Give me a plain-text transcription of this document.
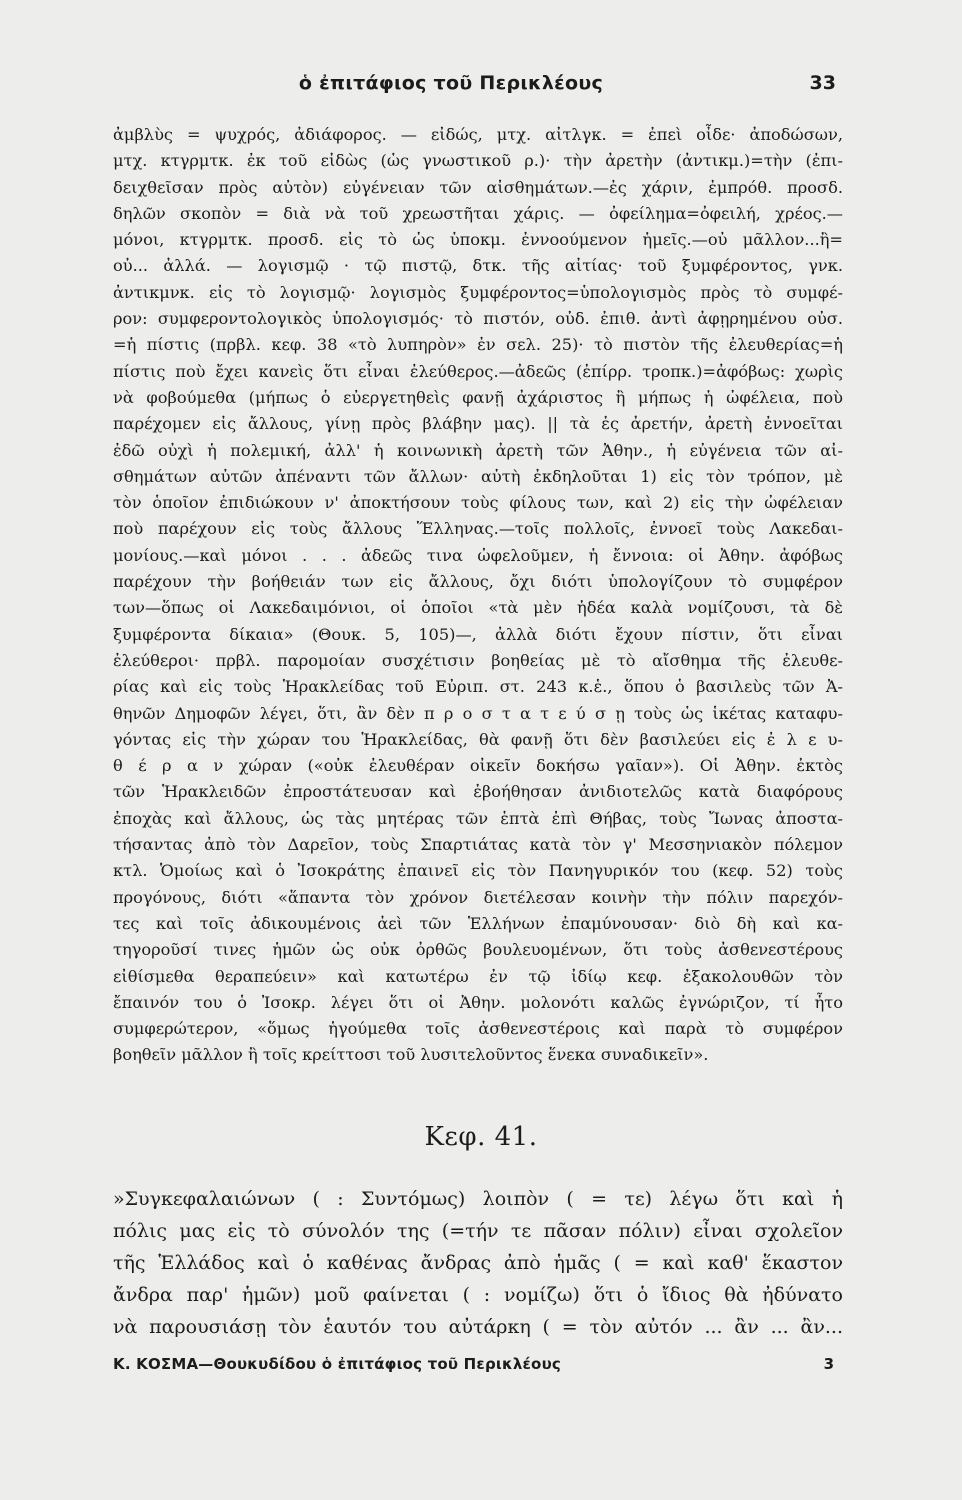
ὁ ἐπιτάφιος τοῦ Περικλέους	33
ἀμβλὺς = ψυχρός, ἀδιάφορος. — εἰδώς, μτχ. αἰτλγκ. = ἐπεὶ οἶδε· ἀποδώσων,
μτχ. κτγρμτκ. ἐκ τοῦ εἰδὼς (ὡς γνωστικοῦ ρ.)· τὴν ἀρετὴν (ἀντικμ.)=τὴν (ἐπι-
δειχθεῖσαν πρὸς αὐτὸν) εὐγένειαν τῶν αἰσθημάτων.—ἐς χάριν, ἐμπρόθ. προσδ.
δηλῶν σκοπὸν = διὰ νὰ τοῦ χρεωστῆται χάρις. — ὀφείλημα=ὀφειλή, χρέος.—
μόνοι, κτγρμτκ. προσδ. εἰς τὸ ὡς ὑποκμ. ἐννοούμενον ἡμεῖς.—οὐ μᾶλλον...ἢ=
οὐ... ἀλλά. — λογισμῷ · τῷ πιστῷ, δτκ. τῆς αἰτίας· τοῦ ξυμφέροντος, γνκ.
ἀντικμνκ. εἰς τὸ λογισμῷ· λογισμὸς ξυμφέροντος=ὑπολογισμὸς πρὸς τὸ συμφέ-
ρον: συμφεροντολογικὸς ὑπολογισμός· τὸ πιστόν, οὐδ. ἐπιθ. ἀντὶ ἀφῃρημένου οὐσ.
=ἡ πίστις (πρβλ. κεφ. 38 «τὸ λυπηρὸν» ἐν σελ. 25)· τὸ πιστὸν τῆς ἐλευθερίας=ἡ
πίστις ποὺ ἔχει κανεὶς ὅτι εἶναι ἐλεύθερος.—ἀδεῶς (ἐπίρρ. τροπκ.)=ἀφόβως: χωρὶς
νὰ φοβούμεθα (μήπως ὁ εὐεργετηθεὶς φανῇ ἀχάριστος ἢ μήπως ἡ ὠφέλεια, ποὺ
παρέχομεν εἰς ἄλλους, γίνῃ πρὸς βλάβην μας). || τὰ ἐς ἀρετήν, ἀρετὴ ἐννοεῖται
ἐδῶ οὐχὶ ἡ πολεμική, ἀλλ' ἡ κοινωνικὴ ἀρετὴ τῶν Ἀθην., ἡ εὐγένεια τῶν αἰ-
σθημάτων αὐτῶν ἀπέναντι τῶν ἄλλων· αὐτὴ ἐκδηλοῦται 1) εἰς τὸν τρόπον, μὲ
τὸν ὁποῖον ἐπιδιώκουν ν' ἀποκτήσουν τοὺς φίλους των, καὶ 2) εἰς τὴν ὠφέλειαν
ποὺ παρέχουν εἰς τοὺς ἄλλους Ἕλληνας.—τοῖς πολλοῖς, ἐννοεῖ τοὺς Λακεδαι-
μονίους.—καὶ μόνοι . . . ἀδεῶς τινα ὠφελοῦμεν, ἡ ἔννοια: οἱ Ἀθην. ἀφόβως
παρέχουν τὴν βοήθειάν των εἰς ἄλλους, ὄχι διότι ὑπολογίζουν τὸ συμφέρον
των—ὅπως οἱ Λακεδαιμόνιοι, οἱ ὁποῖοι «τὰ μὲν ἡδέα καλὰ νομίζουσι, τὰ δὲ
ξυμφέροντα δίκαια» (Θουκ. 5, 105)—, ἀλλὰ διότι ἔχουν πίστιν, ὅτι εἶναι
ἐλεύθεροι· πρβλ. παρομοίαν συσχέτισιν βοηθείας μὲ τὸ αἴσθημα τῆς ἐλευθε-
ρίας καὶ εἰς τοὺς Ἡρακλείδας τοῦ Εὐριπ. στ. 243 κ.ἑ., ὅπου ὁ βασιλεὺς τῶν Ἀ-
θηνῶν Δημοφῶν λέγει, ὅτι, ἂν δὲν π ρ ο σ τ α τ ε ύ σ ῃ τοὺς ὡς ἱκέτας καταφυ-
γόντας εἰς τὴν χώραν του Ἡρακλείδας, θὰ φανῇ ὅτι δὲν βασιλεύει εἰς ἐ λ ε υ-
θ έ ρ α ν χώραν («οὐκ ἐλευθέραν οἰκεῖν δοκήσω γαῖαν»). Οἱ Ἀθην. ἐκτὸς
τῶν Ἡρακλειδῶν ἐπροστάτευσαν καὶ ἐβοήθησαν ἀνιδιοτελῶς κατὰ διαφόρους
ἐποχὰς καὶ ἄλλους, ὡς τὰς μητέρας τῶν ἑπτὰ ἐπὶ Θήβας, τοὺς Ἴωνας ἀποστα-
τήσαντας ἀπὸ τὸν Δαρεῖον, τοὺς Σπαρτιάτας κατὰ τὸν γ' Μεσσηνιακὸν πόλεμον
κτλ. Ὁμοίως καὶ ὁ Ἰσοκράτης ἐπαινεῖ εἰς τὸν Πανηγυρικόν του (κεφ. 52) τοὺς
προγόνους, διότι «ἅπαντα τὸν χρόνον διετέλεσαν κοινὴν τὴν πόλιν παρεχόν-
τες καὶ τοῖς ἀδικουμένοις ἀεὶ τῶν Ἑλλήνων ἐπαμύνουσαν· διὸ δὴ καὶ κα-
τηγοροῦσί τινες ἡμῶν ὡς οὐκ ὀρθῶς βουλευομένων, ὅτι τοὺς ἀσθενεστέρους
εἰθίσμεθα θεραπεύειν» καὶ κατωτέρω ἐν τῷ ἰδίῳ κεφ. ἐξακολουθῶν τὸν
ἔπαινόν του ὁ Ἰσοκρ. λέγει ὅτι οἱ Ἀθην. μολονότι καλῶς ἐγνώριζον, τί ἦτο
συμφερώτερον, «ὅμως ἡγούμεθα τοῖς ἀσθενεστέροις καὶ παρὰ τὸ συμφέρον
βοηθεῖν μᾶλλον ἢ τοῖς κρείττοσι τοῦ λυσιτελοῦντος ἕνεκα συναδικεῖν».
Κεφ. 41.
»Συγκεφαλαιώνων ( : Συντόμως) λοιπὸν ( = τε) λέγω ὅτι καὶ ἡ
πόλις μας εἰς τὸ σύνολόν της (=τήν τε πᾶσαν πόλιν) εἶναι σχολεῖον
τῆς Ἑλλάδος καὶ ὁ καθένας ἄνδρας ἀπὸ ἡμᾶς ( = καὶ καθ' ἕκαστον
ἄνδρα παρ' ἡμῶν) μοῦ φαίνεται ( : νομίζω) ὅτι ὁ ἴδιος θὰ ἠδύνατο
νὰ παρουσιάσῃ τὸν ἑαυτόν του αὐτάρκη ( = τὸν αὐτόν ... ἂν ... ἂν...
Κ. ΚΟΣΜΑ—Θουκυδίδου ὁ ἐπιτάφιος τοῦ Περικλέους	3
